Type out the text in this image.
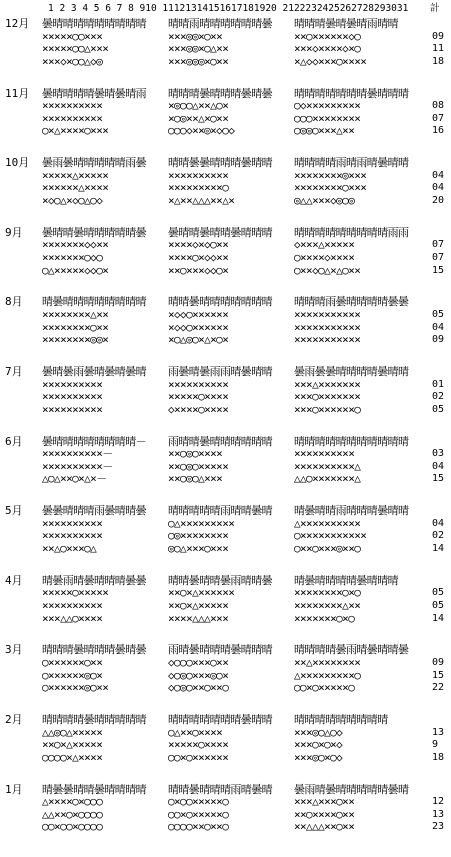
1 2 3 4 5 6 7 8 910 11121314151617181920 2122232425262728293031	計
12月 曇晴晴晴晴晴晴晴晴晴
×××××○○×××
×××××○○△×××
×××◇×○○△◇◎
晴晴雨晴晴晴晴晴晴曇
×××◎◎×○××
×××◎◎×○△××
×××◎◎◎×○××
晴晴晴曇晴曇晴雨晴晴
××○××××××◇○
×××◇××××◇×○
×△◇◇×××○××××
09
11
18
11月 曇晴晴晴晴曇晴曇晴雨
××××××××××
××××××××××
○×△××××○×××
晴晴晴曇晴晴晴曇晴曇
×◎○○△××△○×
×○◎××△×○××
○○○◇××◎×◇○◇
晴晴晴晴晴晴晴曇晴晴晴
○◇×××××××××
○○○××××××××
○◎◎○×××△××
08
07
16
10月 曇雨曇晴晴晴晴晴雨曇
×××××△×××××
××××××△××××
×◇○△×◇○△○◇
晴晴曇曇晴晴晴曇晴晴
××××××××××
×××××××××○
×△××△△△××△×
晴晴晴晴雨晴雨晴曇晴晴
××××××××◎×××
××××××××○×××
◎△△×××◇◎○◎
04
04
20
9月 曇晴晴曇晴晴晴晴晴曇
×××××××◇◇××
×××××××○◇○
○△×××××◇◇○×
曇晴晴曇晴晴曇晴晴晴
××××◇×◇○××
××××○×◇◇××
××○×××◇◇○×
晴晴晴晴晴晴晴晴晴雨雨
◇×××△×××××
○××××◇××××
○××◇○△×△○××
07
07
15
8月 晴曇晴晴晴晴晴晴晴晴
××××××××△××
××××××××○××
××××××××◎◎×
晴晴曇晴晴晴晴晴晴晴
×◇◇○××××××
×◇◇○××××××
×○△◎○×△×○×
晴晴晴雨曇晴晴晴晴曇曇
×××××××××××
×××××××××××
×××××××××××
05
04
09
7月 曇晴曇雨曇晴曇晴曇晴
××××××××××
××××××××××
××××××××××
雨曇晴曇雨雨晴曇晴晴
××××××××××
×××××○××××
◇××××○××××
曇雨曇曇晴晴晴晴曇晴晴
×××△×××××××
×××○×××××××
×××○××××××○
01
02
05
6月 曇晴晴晴晴晴晴晴晴－
××××××××××－
××××××××××－
△○△××○×△×－
雨晴晴曇晴晴晴晴晴晴
××○◎○××××
××○◎○×××××
××○◎○△×××
晴晴晴晴晴晴晴晴晴晴晴
××××××××××
××××××××××△
△△○×××××××△
03
04
15
5月 曇曇晴晴晴雨曇晴晴曇
××××××××××
××××××××××
××△○×××○△
晴晴晴晴晴雨晴晴曇晴
○△×××××××××
○◎××××××××
◎○△×××○×××
晴曇晴晴雨晴晴晴曇晴晴
△××××××××××
○×××××××××××
○××○×××◎××○
04
02
14
4月 晴曇雨晴曇晴晴晴曇曇
×××××○×××××
××××××××××
×××△△○××××
晴晴曇晴晴曇雨晴晴曇
××○×△××××××
××○×△×××××
××××△△△×××
晴曇晴晴晴晴曇晴晴晴
××××××××○×○
××××××××△××
×××××××○×○
05
05
14
3月 晴晴晴曇晴晴晴曇晴曇
○××××××○××
○××××××◎○×
○××××××◎○××
雨晴曇晴晴晴曇晴晴晴
◇○○○×××○××
◇○◎○×××◎○×
◇○◎○××○××○
晴晴晴晴曇雨晴曇晴晴曇
××△××××××××
△×××××××××○
○○×○×××××○
09
15
22
2月 晴晴晴晴曇晴晴晴晴晴
△△◎○△×××××
××○×△×××××
○○○○×△××××
晴晴晴晴晴晴晴曇晴晴
○△××○××××
×××××○××××
○○×○××××××
晴晴晴晴晴晴晴晴晴
×××◎○△○◇
×××○×○×◇
×××◎○×○◇
13
9
18
1月 晴曇曇晴晴曇晴晴晴晴
△××××○×○○○
△△××○×○○○○
○○×○○×○○○○
晴晴曇晴晴晴雨晴曇晴
○×○○×××××○
○○×○×××××○
○○○○××○××○
曇雨晴曇晴晴晴晴晴曇晴
×××△×××○××
××○××××○××
××△△△××○××
12
13
23
